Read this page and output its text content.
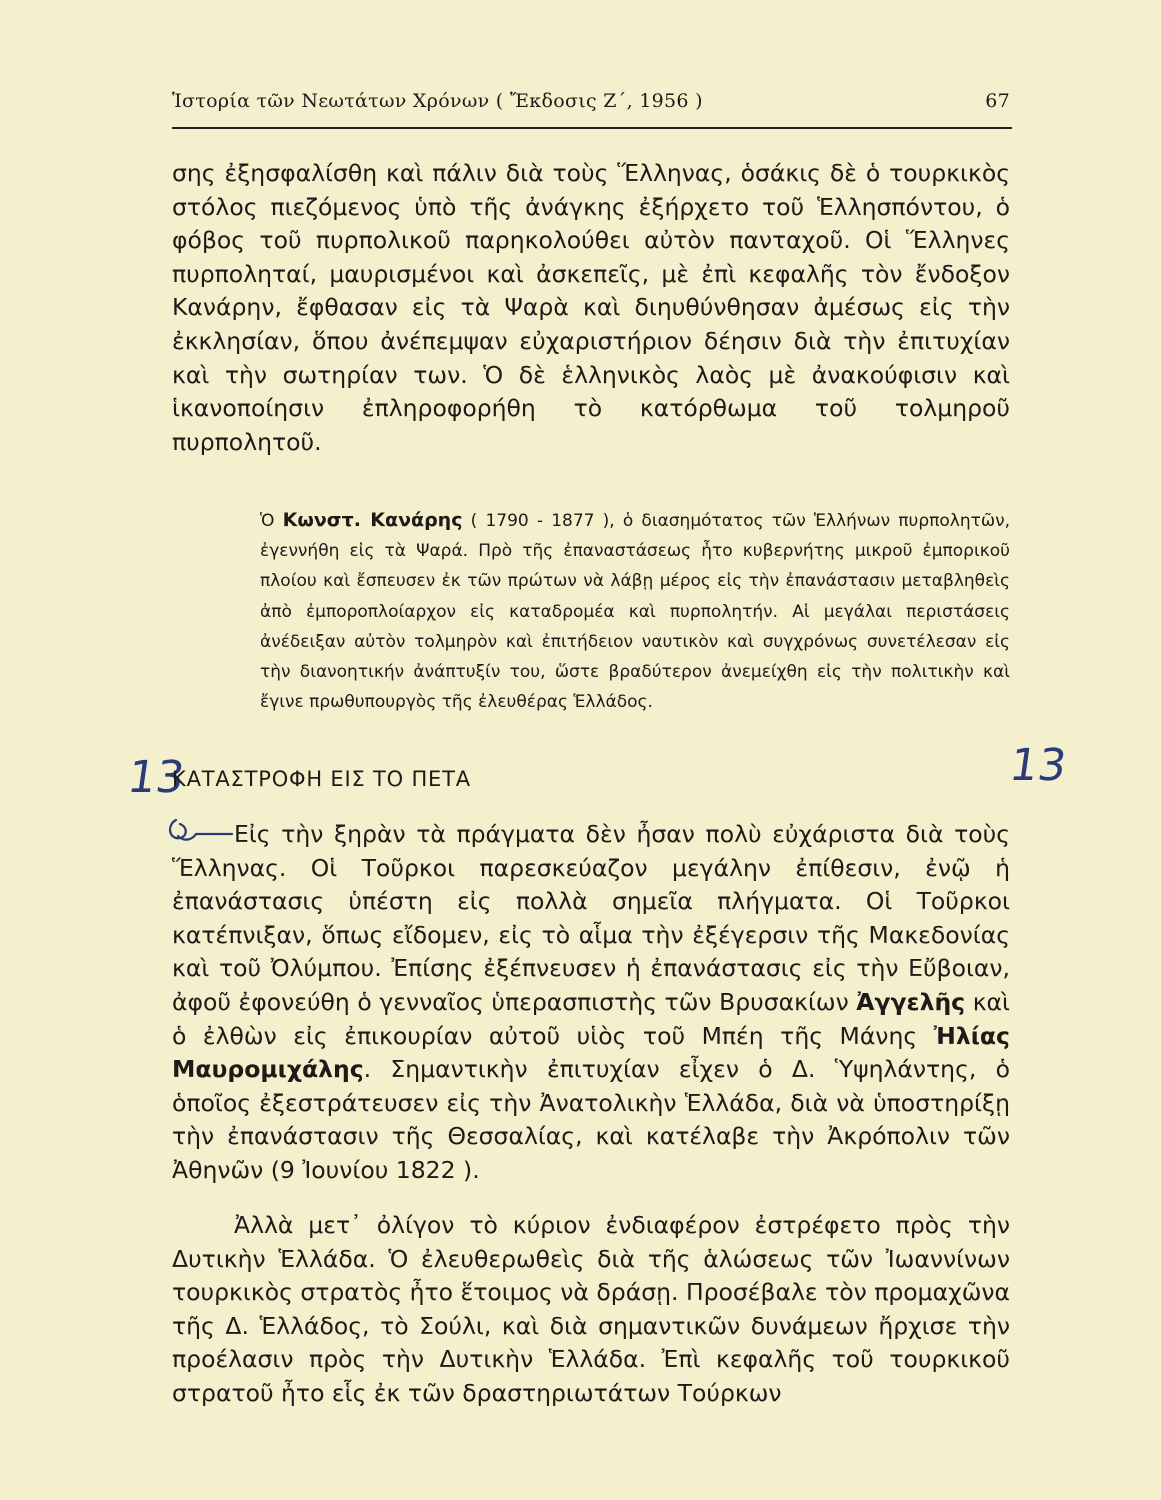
Ἱστορία τῶν Νεωτάτων Χρόνων ( Ἔκδοσις Ζ΄, 1956 )	67

σης ἐξησφαλίσθη καὶ πάλιν διὰ τοὺς Ἕλληνας, ὁσάκις δὲ ὁ τουρκικὸς στόλος πιεζόμενος ὑπὸ τῆς ἀνάγκης ἐξήρχετο τοῦ Ἑλλησπόντου, ὁ φόβος τοῦ πυρπολικοῦ παρηκολούθει αὐτὸν πανταχοῦ. Οἱ Ἕλληνες πυρποληταί, μαυρισμένοι καὶ ἀσκεπεῖς, μὲ ἐπὶ κεφαλῆς τὸν ἔνδοξον Κανάρην, ἔφθασαν εἰς τὰ Ψαρὰ καὶ διηυθύνθησαν ἀμέσως εἰς τὴν ἐκκλησίαν, ὅπου ἀνέπεμψαν εὐχαριστήριον δέησιν διὰ τὴν ἐπιτυχίαν καὶ τὴν σωτηρίαν των. Ὁ δὲ ἑλληνικὸς λαὸς μὲ ἀνακούφισιν καὶ ἱκανοποίησιν ἐπληροφορήθη τὸ κατόρθωμα τοῦ τολμηροῦ πυρπολητοῦ.

Ὁ Κωνστ. Κανάρης ( 1790 - 1877 ), ὁ διασημότατος τῶν Ἑλλήνων πυρπολητῶν, ἐγεννήθη εἰς τὰ Ψαρά. Πρὸ τῆς ἐπαναστάσεως ἦτο κυβερνήτης μικροῦ ἐμπορικοῦ πλοίου καὶ ἔσπευσεν ἐκ τῶν πρώτων νὰ λάβῃ μέρος εἰς τὴν ἐπανάστασιν μεταβληθεὶς ἀπὸ ἐμποροπλοίαρχον εἰς καταδρομέα καὶ πυρπολητήν. Αἱ μεγάλαι περιστάσεις ἀνέδειξαν αὐτὸν τολμηρὸν καὶ ἐπιτήδειον ναυτικὸν καὶ συγχρόνως συνετέλεσαν εἰς τὴν διανοητικήν ἀνάπτυξίν του, ὥστε βραδύτερον ἀνεμείχθη εἰς τὴν πολιτικὴν καὶ ἔγινε πρωθυπουργὸς τῆς ἐλευθέρας Ἑλλάδος.

13	13
ΚΑΤΑΣΤΡΟΦΗ ΕΙΣ ΤΟ ΠΕΤΑ

Εἰς τὴν ξηρὰν τὰ πράγματα δὲν ἦσαν πολὺ εὐχάριστα διὰ τοὺς Ἕλληνας. Οἱ Τοῦρκοι παρεσκεύαζον μεγάλην ἐπίθεσιν, ἐνῷ ἡ ἐπανάστασις ὑπέστη εἰς πολλὰ σημεῖα πλήγματα. Οἱ Τοῦρκοι κατέπνιξαν, ὅπως εἴδομεν, εἰς τὸ αἷμα τὴν ἐξέγερσιν τῆς Μακεδονίας καὶ τοῦ Ὀλύμπου. Ἐπίσης ἐξέπνευσεν ἡ ἐπανάστασις εἰς τὴν Εὔβοιαν, ἀφοῦ ἐφονεύθη ὁ γενναῖος ὑπερασπιστὴς τῶν Βρυσακίων Ἀγγελῆς καὶ ὁ ἐλθὼν εἰς ἐπικουρίαν αὐτοῦ υἱὸς τοῦ Μπέη τῆς Μάνης Ἠλίας Μαυρομιχάλης. Σημαντικὴν ἐπιτυχίαν εἶχεν ὁ Δ. Ὑψηλάντης, ὁ ὁποῖος ἐξεστράτευσεν εἰς τὴν Ἀνατολικὴν Ἑλλάδα, διὰ νὰ ὑποστηρίξῃ τὴν ἐπανάστασιν τῆς Θεσσαλίας, καὶ κατέλαβε τὴν Ἀκρόπολιν τῶν Ἀθηνῶν (9 Ἰουνίου 1822 ).

Ἀλλὰ μετ᾽ ὀλίγον τὸ κύριον ἐνδιαφέρον ἐστρέφετο πρὸς τὴν Δυτικὴν Ἑλλάδα. Ὁ ἐλευθερωθεὶς διὰ τῆς ἁλώσεως τῶν Ἰωαννίνων τουρκικὸς στρατὸς ἦτο ἕτοιμος νὰ δράσῃ. Προσέβαλε τὸν προμαχῶνα τῆς Δ. Ἑλλάδος, τὸ Σούλι, καὶ διὰ σημαντικῶν δυνάμεων ἤρχισε τὴν προέλασιν πρὸς τὴν Δυτικὴν Ἑλλάδα. Ἐπὶ κεφαλῆς τοῦ τουρκικοῦ στρατοῦ ἦτο εἷς ἐκ τῶν δραστηριωτάτων Τούρκων
